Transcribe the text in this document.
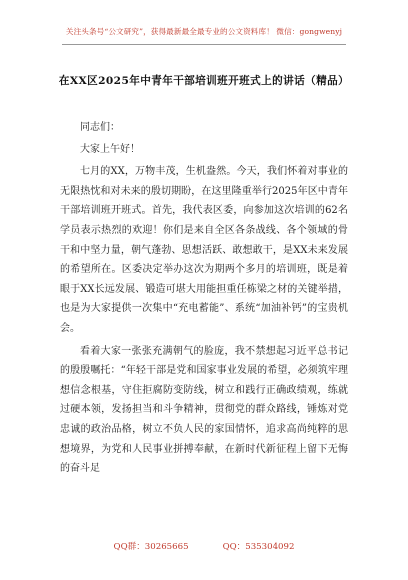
关注头条号“公文研究”，获得最新最全最专业的公文资料库！ 微信：gongwenyj
在XX区2025年中青年干部培训班开班式上的讲话（精品）

同志们：

大家上午好！

七月的XX，万物丰茂，生机盎然。今天，我们怀着对事业的无限热忱和对未来的殷切期盼，在这里隆重举行2025年区中青年干部培训班开班式。首先，我代表区委，向参加这次培训的62名学员表示热烈的欢迎！你们是来自全区各条战线、各个领域的骨干和中坚力量，朝气蓬勃、思想活跃、敢想敢干，是XX未来发展的希望所在。区委决定举办这次为期两个多月的培训班，既是着眼于XX长远发展、锻造可堪大用能担重任栋梁之材的关键举措，也是为大家提供一次集中“充电蓄能”、系统“加油补钙”的宝贵机会。

看着大家一张张充满朝气的脸庞，我不禁想起习近平总书记的殷殷嘱托：“年轻干部是党和国家事业发展的希望，必须筑牢理想信念根基，守住拒腐防变防线，树立和践行正确政绩观，练就过硬本领，发扬担当和斗争精神，贯彻党的群众路线，锤炼对党忠诚的政治品格，树立不负人民的家国情怀，追求高尚纯粹的思想境界，为党和人民事业拼搏奉献，在新时代新征程上留下无悔的奋斗足

QQ群：30265665	QQ：535304092
